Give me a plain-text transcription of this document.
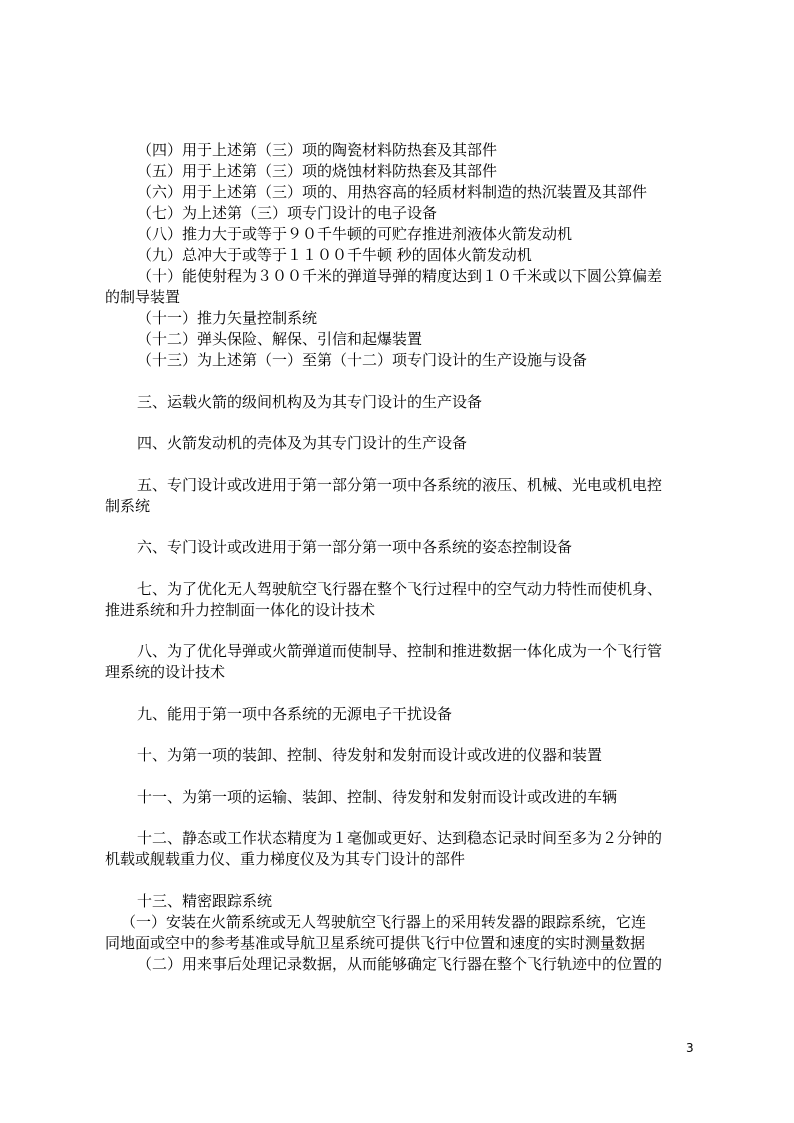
（四）用于上述第（三）项的陶瓷材料防热套及其部件
（五）用于上述第（三）项的烧蚀材料防热套及其部件
（六）用于上述第（三）项的、用热容高的轻质材料制造的热沉装置及其部件
（七）为上述第（三）项专门设计的电子设备
（八）推力大于或等于９０千牛顿的可贮存推进剂液体火箭发动机
（九）总冲大于或等于１１００千牛顿 秒的固体火箭发动机
（十）能使射程为３００千米的弹道导弹的精度达到１０千米或以下圆公算偏差
的制导装置
（十一）推力矢量控制系统
（十二）弹头保险、解保、引信和起爆装置
（十三）为上述第（一）至第（十二）项专门设计的生产设施与设备
三、运载火箭的级间机构及为其专门设计的生产设备
四、火箭发动机的壳体及为其专门设计的生产设备
五、专门设计或改进用于第一部分第一项中各系统的液压、机械、光电或机电控
制系统
六、专门设计或改进用于第一部分第一项中各系统的姿态控制设备
七、为了优化无人驾驶航空飞行器在整个飞行过程中的空气动力特性而使机身、
推进系统和升力控制面一体化的设计技术
八、为了优化导弹或火箭弹道而使制导、控制和推进数据一体化成为一个飞行管
理系统的设计技术
九、能用于第一项中各系统的无源电子干扰设备
十、为第一项的装卸、控制、待发射和发射而设计或改进的仪器和装置
十一、为第一项的运输、装卸、控制、待发射和发射而设计或改进的车辆
十二、静态或工作状态精度为１毫伽或更好、达到稳态记录时间至多为２分钟的
机载或舰载重力仪、重力梯度仪及为其专门设计的部件
十三、精密跟踪系统
（一）安装在火箭系统或无人驾驶航空飞行器上的采用转发器的跟踪系统，它连
同地面或空中的参考基准或导航卫星系统可提供飞行中位置和速度的实时测量数据
（二）用来事后处理记录数据，从而能够确定飞行器在整个飞行轨迹中的位置的
3
